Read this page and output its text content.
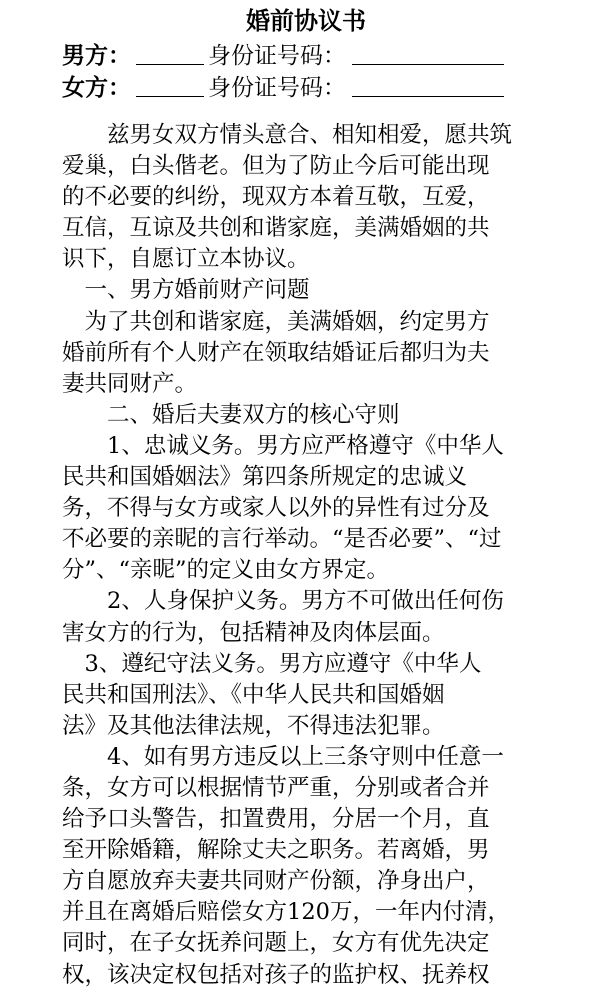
婚前协议书
男方：	身份证号码：
女方：	身份证号码：
　　兹男女双方情头意合、相知相爱，愿共筑
爱巢，白头偕老。但为了防止今后可能出现
的不必要的纠纷，现双方本着互敬，互爱，
互信，互谅及共创和谐家庭，美满婚姻的共
识下，自愿订立本协议。
　一、男方婚前财产问题
　为了共创和谐家庭，美满婚姻，约定男方
婚前所有个人财产在领取结婚证后都归为夫
妻共同财产。
　　二、婚后夫妻双方的核心守则
　　1、忠诚义务。男方应严格遵守《中华人
民共和国婚姻法》第四条所规定的忠诚义
务，不得与女方或家人以外的异性有过分及
不必要的亲昵的言行举动。“是否必要”、“过
分”、“亲昵”的定义由女方界定。
　　2、人身保护义务。男方不可做出任何伤
害女方的行为，包括精神及肉体层面。
　3、遵纪守法义务。男方应遵守《中华人
民共和国刑法》、《中华人民共和国婚姻
法》及其他法律法规，不得违法犯罪。
　　4、如有男方违反以上三条守则中任意一
条，女方可以根据情节严重，分别或者合并
给予口头警告，扣置费用，分居一个月，直
至开除婚籍，解除丈夫之职务。若离婚，男
方自愿放弃夫妻共同财产份额，净身出户，
并且在离婚后赔偿女方120万，一年内付清，
同时，在子女抚养问题上，女方有优先决定
权，该决定权包括对孩子的监护权、抚养权
